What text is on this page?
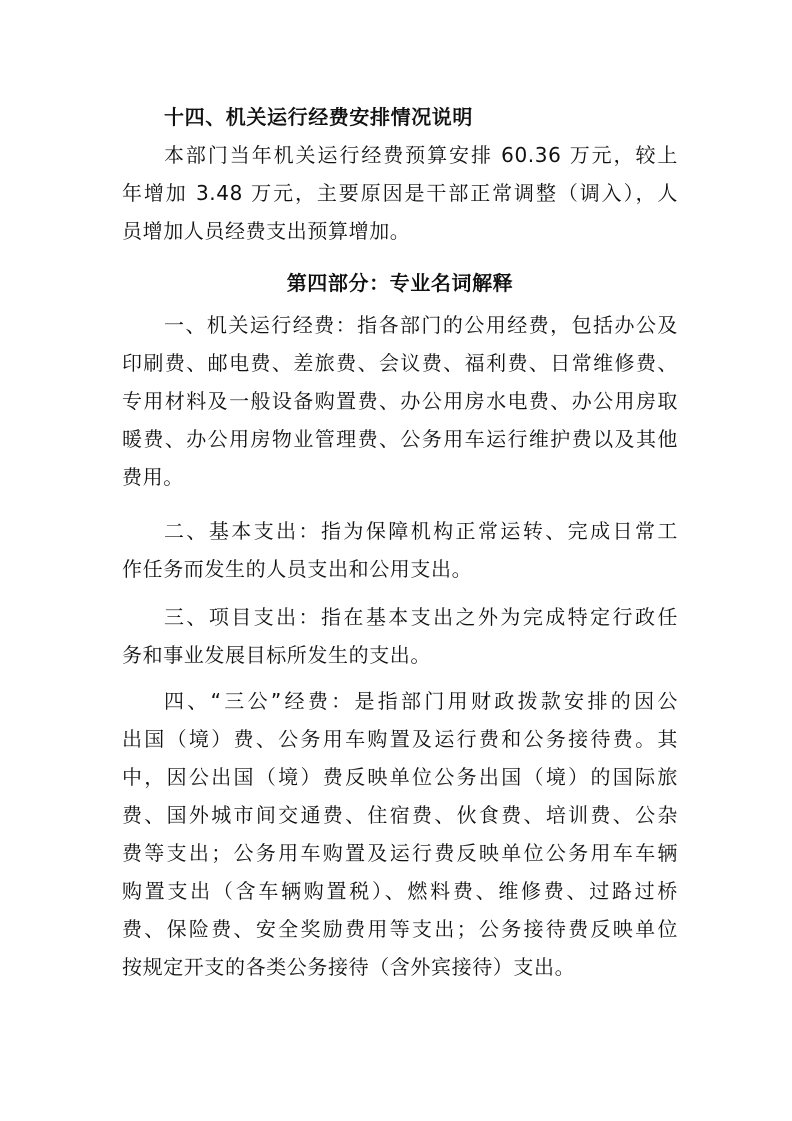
十四、机关运行经费安排情况说明
本部门当年机关运行经费预算安排 60.36 万元，较上
年增加 3.48 万元，主要原因是干部正常调整（调入），人
员增加人员经费支出预算增加。
第四部分：专业名词解释
一、机关运行经费：指各部门的公用经费，包括办公及
印刷费、邮电费、差旅费、会议费、福利费、日常维修费、
专用材料及一般设备购置费、办公用房水电费、办公用房取
暖费、办公用房物业管理费、公务用车运行维护费以及其他
费用。
二、基本支出：指为保障机构正常运转、完成日常工
作任务而发生的人员支出和公用支出。
三、项目支出：指在基本支出之外为完成特定行政任
务和事业发展目标所发生的支出。
四、“三公”经费：是指部门用财政拨款安排的因公
出国（境）费、公务用车购置及运行费和公务接待费。其
中，因公出国（境）费反映单位公务出国（境）的国际旅
费、国外城市间交通费、住宿费、伙食费、培训费、公杂
费等支出；公务用车购置及运行费反映单位公务用车车辆
购置支出（含车辆购置税）、燃料费、维修费、过路过桥
费、保险费、安全奖励费用等支出；公务接待费反映单位
按规定开支的各类公务接待（含外宾接待）支出。
